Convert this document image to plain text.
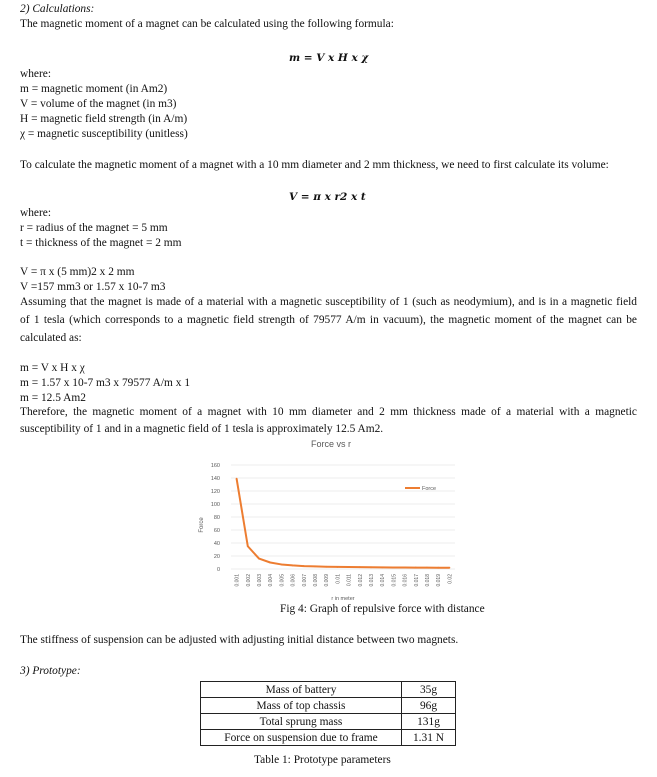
2) Calculations:
The magnetic moment of a magnet can be calculated using the following formula:
m = V x H x χ
where:
m = magnetic moment (in Am2)
V = volume of the magnet (in m3)
H = magnetic field strength (in A/m)
χ = magnetic susceptibility (unitless)
To calculate the magnetic moment of a magnet with a 10 mm diameter and 2 mm thickness, we need to first calculate its volume:
V = π x r2 x t
where:
r = radius of the magnet = 5 mm
t = thickness of the magnet = 2 mm
V = π x (5 mm)2 x 2 mm
V =157 mm3 or 1.57 x 10-7 m3
Assuming that the magnet is made of a material with a magnetic susceptibility of 1 (such as neodymium), and is in a magnetic field
of 1 tesla (which corresponds to a magnetic field strength of 79577 A/m in vacuum), the magnetic moment of the magnet can be
calculated as:
m = V x H x χ
m = 1.57 x 10-7 m3 x 79577 A/m x 1
m = 12.5 Am2
Therefore, the magnetic moment of a magnet with 10 mm diameter and 2 mm thickness made of a material with a magnetic
susceptibility of 1 and in a magnetic field of 1 tesla is approximately 12.5 Am2.
Force vs r
0
20
40
60
80
100
120
140
160
0.001 0.002 0.003 0.004 0.005 0.006 0.007 0.008 0.009 0.01 0.011 0.012 0.013 0.014 0.015 0.016 0.017 0.018 0.019 0.02
Force
r in meter
Force
Fig 4: Graph of repulsive force with distance
The stiffness of suspension can be adjusted with adjusting initial distance between two magnets.
3) Prototype:
Mass of battery	35g
Mass of top chassis	96g
Total sprung mass	131g
Force on suspension due to frame	1.31 N
Table 1: Prototype parameters
